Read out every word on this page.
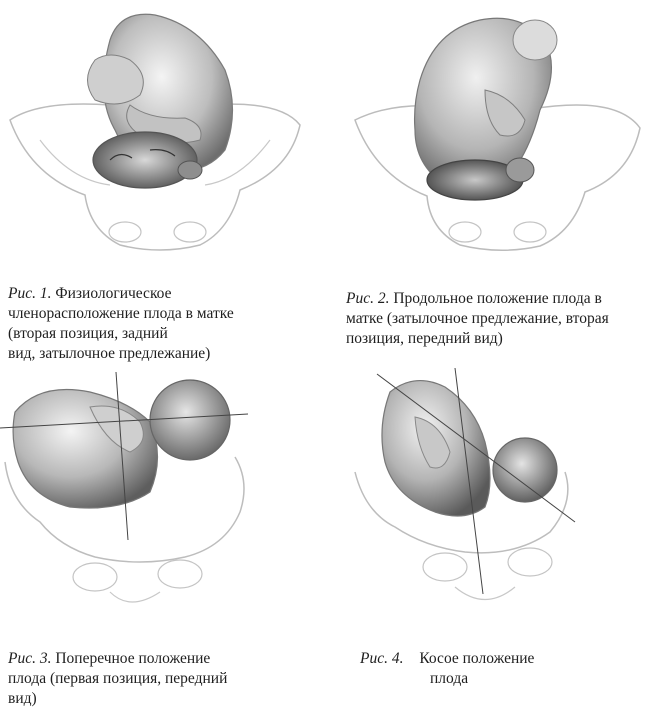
Рис. 1. Физиологическое
членорасположение плода в матке
(вторая позиция, задний
вид, затылочное предлежание)
Рис. 2. Продольное положение плода в
матке (затылочное предлежание, вторая
позиция, передний вид)
Рис. 3. Поперечное положение
плода (первая позиция, передний
вид)
Рис. 4. Косое положение
плода
